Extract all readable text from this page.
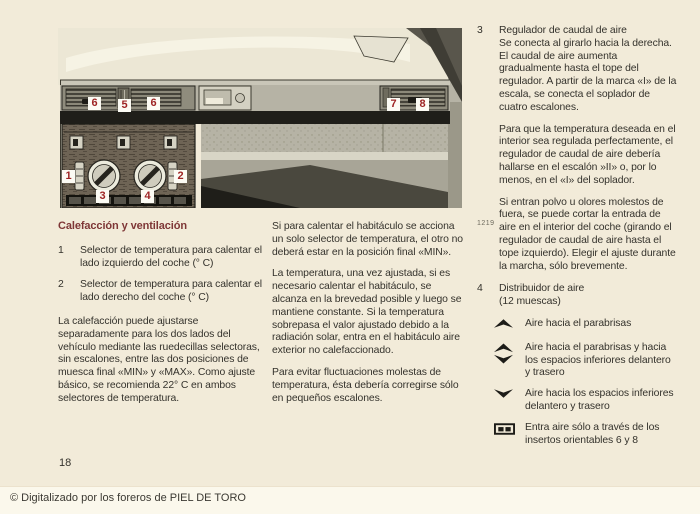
6	5	6	7	8
1	2
3	4
1219
Calefacción y ventilación
1 Selector de temperatura para calentar el lado izquierdo del coche (° C)
2 Selector de temperatura para calentar el lado derecho del coche (° C)

La calefacción puede ajustarse separadamente para los dos lados del vehículo mediante las ruedecillas selectoras, sin escalones, entre las dos posiciones de muesca final «MIN» y «MAX». Como ajuste básico, se recomienda 22° C en ambos selectores de temperatura.

Si para calentar el habitáculo se acciona un solo selector de temperatura, el otro no deberá estar en la posición final «MIN».

La temperatura, una vez ajustada, si es necesario calentar el habitáculo, se alcanza en la brevedad posible y luego se mantiene constante. Si la temperatura sobrepasa el valor ajustado debido a la radiación solar, entra en el habitáculo aire exterior no calefaccionado.

Para evitar fluctuaciones molestas de temperatura, ésta debería corregirse sólo en pequeños escalones.

3 Regulador de caudal de aire
Se conecta al girarlo hacia la derecha. El caudal de aire aumenta gradualmente hasta el tope del regulador. A partir de la marca «I» de la escala, se conecta el soplador de cuatro escalones.

Para que la temperatura deseada en el interior sea regulada perfectamente, el regulador de caudal de aire debería hallarse en el escalón »II» o, por lo menos, en el «I» del soplador.

Si entran polvo u olores molestos de fuera, se puede cortar la entrada de aire en el interior del coche (girando el regulador de caudal de aire hasta el tope izquierdo). Elegir el ajuste durante la marcha, sólo brevemente.

4 Distribuidor de aire
(12 muescas)
Aire hacia el parabrisas
Aire hacia el parabrisas y hacia los espacios inferiores delantero y trasero
Aire hacia los espacios inferiores delantero y trasero
Entra aire sólo a través de los insertos orientables 6 y 8
18
© Digitalizado por los foreros de PIEL DE TORO
